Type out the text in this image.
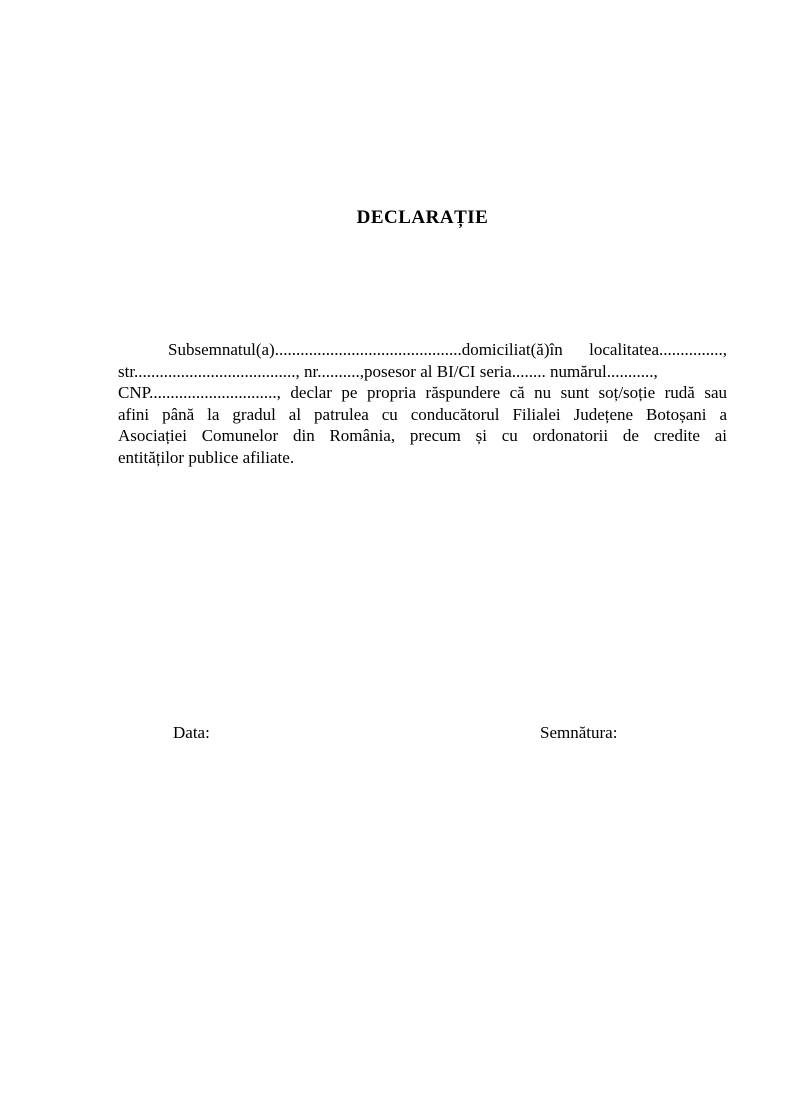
DECLARAȚIE
Subsemnatul(a)............................................domiciliat(ă)în localitatea...............,
str......................................, nr..........,posesor al BI/CI seria........ numărul...........,
CNP.............................., declar pe propria răspundere că nu sunt soț/soție rudă sau
afini până la gradul al patrulea cu conducătorul Filialei Județene Botoșani a
Asociației Comunelor din România, precum și cu ordonatorii de credite ai
entităților publice afiliate.
Data:	Semnătura:
